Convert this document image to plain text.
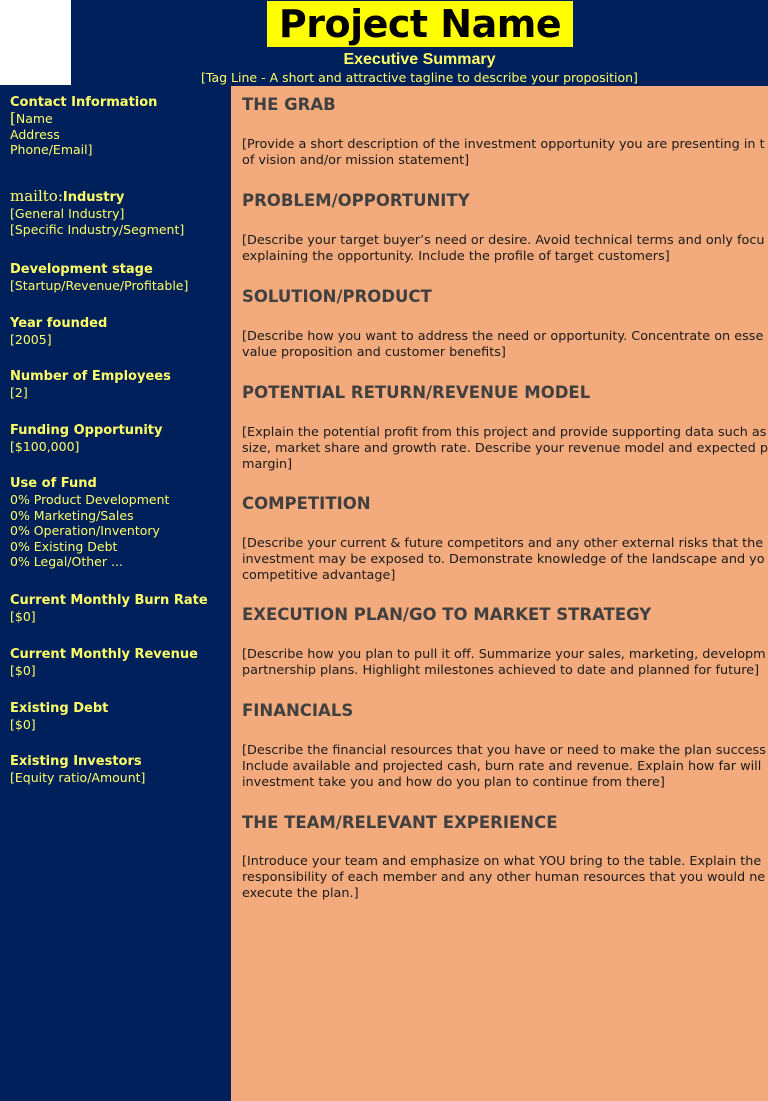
Project Name
Executive Summary
[Tag Line - A short and attractive tagline to describe your proposition]
Contact Information
[Name
Address
Phone/Email]
mailto:Industry
[General Industry]
[Specific Industry/Segment]
Development stage
[Startup/Revenue/Profitable]
Year founded
[2005]
Number of Employees
[2]
Funding Opportunity
[$100,000]
Use of Fund
0% Product Development
0% Marketing/Sales
0% Operation/Inventory
0% Existing Debt
0% Legal/Other ...
Current Monthly Burn Rate
[$0]
Current Monthly Revenue
[$0]
Existing Debt
[$0]
Existing Investors
[Equity ratio/Amount]
THE GRAB
[Provide a short description of the investment opportunity you are presenting in t
of vision and/or mission statement]
PROBLEM/OPPORTUNITY
[Describe your target buyer’s need or desire. Avoid technical terms and only focu
explaining the opportunity. Include the profile of target customers]
SOLUTION/PRODUCT
[Describe how you want to address the need or opportunity. Concentrate on esse
value proposition and customer benefits]
POTENTIAL RETURN/REVENUE MODEL
[Explain the potential profit from this project and provide supporting data such as
size, market share and growth rate. Describe your revenue model and expected p
margin]
COMPETITION
[Describe your current & future competitors and any other external risks that the
investment may be exposed to. Demonstrate knowledge of the landscape and yo
competitive advantage]
EXECUTION PLAN/GO TO MARKET STRATEGY
[Describe how you plan to pull it off. Summarize your sales, marketing, developm
partnership plans. Highlight milestones achieved to date and planned for future]
FINANCIALS
[Describe the financial resources that you have or need to make the plan success
Include available and projected cash, burn rate and revenue. Explain how far will
investment take you and how do you plan to continue from there]
THE TEAM/RELEVANT EXPERIENCE
[Introduce your team and emphasize on what YOU bring to the table. Explain the
responsibility of each member and any other human resources that you would ne
execute the plan.]
